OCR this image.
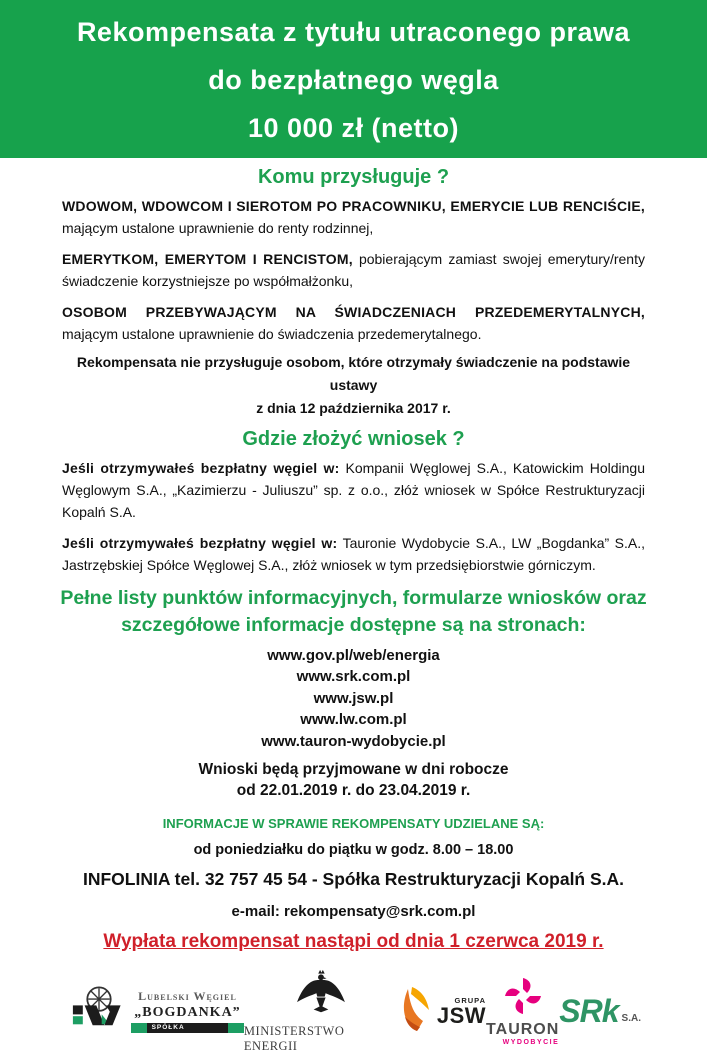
Rekompensata z tytułu utraconego prawa
do bezpłatnego węgla
10 000 zł (netto)
Komu przysługuje ?

WDOWOM, WDOWCOM I SIEROTOM PO PRACOWNIKU, EMERYCIE LUB RENCIŚCIE, mającym ustalone uprawnienie do renty rodzinnej,

EMERYTKOM, EMERYTOM I RENCISTOM, pobierającym zamiast swojej emerytury/renty świadczenie korzystniejsze po współmałżonku,

OSOBOM PRZEBYWAJĄCYM NA ŚWIADCZENIACH PRZEDEMERYTALNYCH, mającym ustalone uprawnienie do świadczenia przedemerytalnego.

Rekompensata nie przysługuje osobom, które otrzymały świadczenie na podstawie ustawy
z dnia 12 października 2017 r.
Gdzie złożyć wniosek ?

Jeśli otrzymywałeś bezpłatny węgiel w: Kompanii Węglowej S.A., Katowickim Holdingu Węglowym S.A., „Kazimierzu - Juliuszu” sp. z o.o., złóż wniosek w Spółce Restrukturyzacji Kopalń S.A.

Jeśli otrzymywałeś bezpłatny węgiel w: Tauronie Wydobycie S.A., LW „Bogdanka” S.A., Jastrzębskiej Spółce Węglowej S.A., złóż wniosek w tym przedsiębiorstwie górniczym.

Pełne listy punktów informacyjnych, formularze wniosków oraz
szczegółowe informacje dostępne są na stronach:
www.gov.pl/web/energia
www.srk.com.pl
www.jsw.pl
www.lw.com.pl
www.tauron-wydobycie.pl
Wnioski będą przyjmowane w dni robocze
od 22.01.2019 r. do 23.04.2019 r.
INFORMACJE W SPRAWIE REKOMPENSATY UDZIELANE SĄ:
od poniedziałku do piątku w godz. 8.00 – 18.00
INFOLINIA tel. 32 757 45 54 - Spółka Restrukturyzacji Kopalń S.A.
e-mail: rekompensaty@srk.com.pl
Wypłata rekompensat nastąpi od dnia 1 czerwca 2019 r.
Lubelski Węgiel
„BOGDANKA”
SPÓŁKA AKCYJNA	MINISTERSTWO ENERGII
GRUPA
JSW
TAURON
WYDOBYCIE
SRk S.A.
